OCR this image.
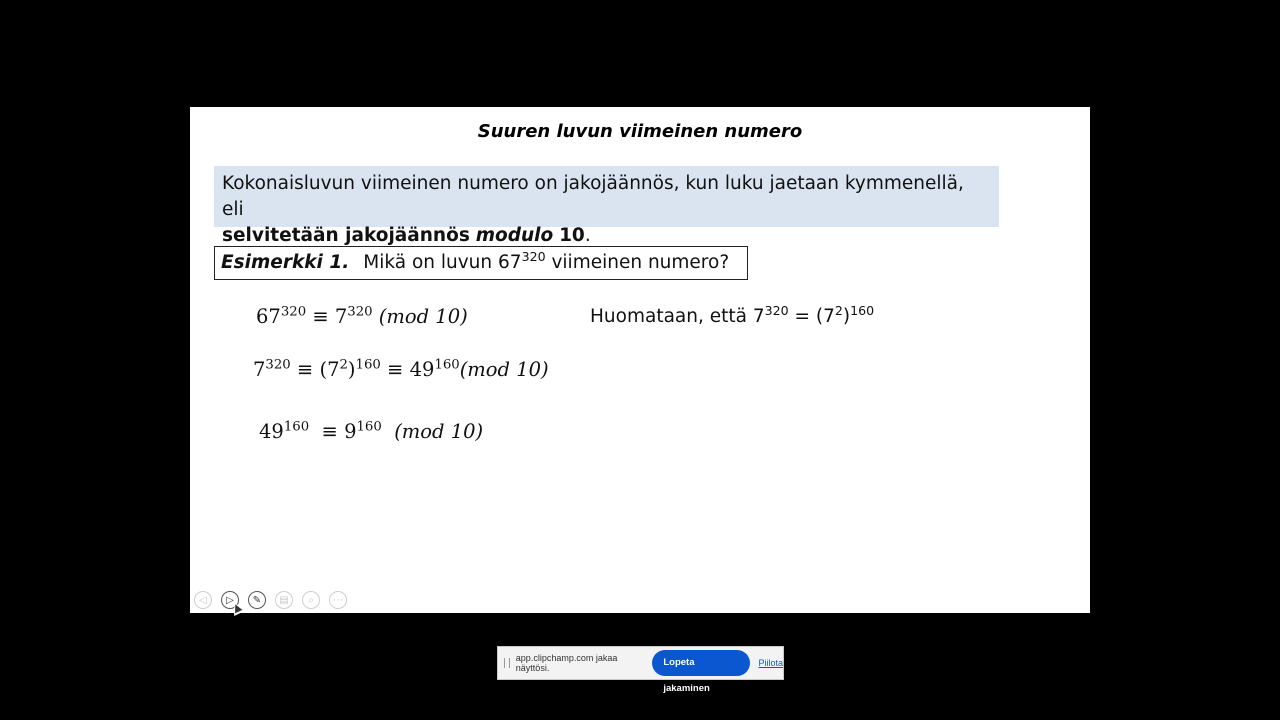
Suuren luvun viimeinen numero
Kokonaisluvun viimeinen numero on jakojäännös, kun luku jaetaan kymmenellä, eli
selvitetään jakojäännös modulo 10.
Esimerkki 1. Mikä on luvun $67^{320}$ viimeinen numero?
$67^{320} \equiv 7^{320}$ (mod 10)	Huomataan, että $7^{320} = (7^2)^{160}$
$7^{320} \equiv (7^2)^{160} \equiv 49^{160}(mod$ 10)
$49^{160} \equiv 9^{160}$ (mod 10)
◁ ▷ ✎ ▤ ⌕ ⋯
app.clipchamp.com jakaa näyttösi.	Lopeta jakaminen
Piilota
